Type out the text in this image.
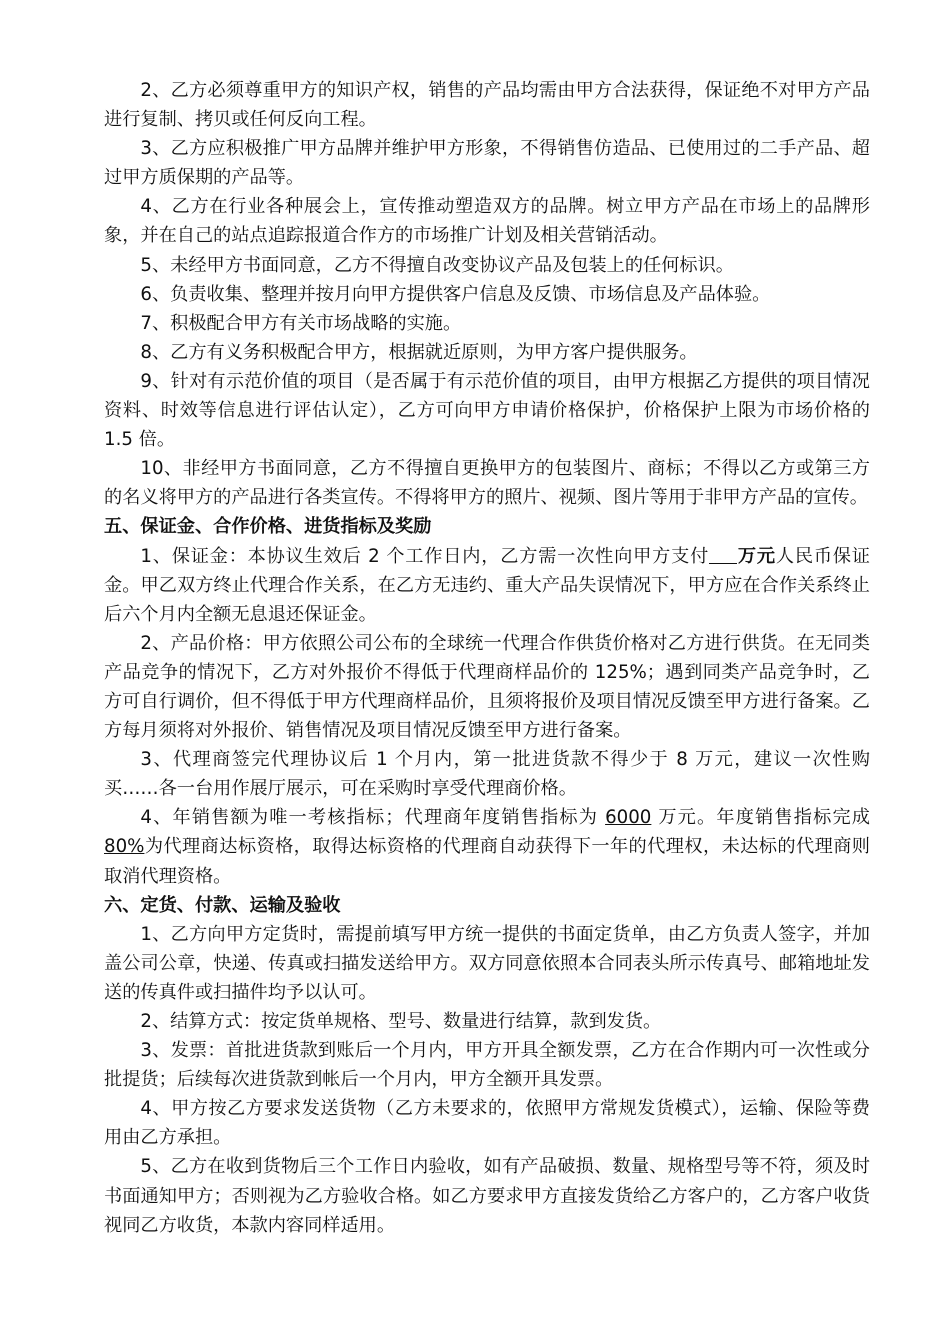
2、乙方必须尊重甲方的知识产权，销售的产品均需由甲方合法获得，保证绝不对甲方产品进行复制、拷贝或任何反向工程。

3、乙方应积极推广甲方品牌并维护甲方形象，不得销售仿造品、已使用过的二手产品、超过甲方质保期的产品等。

4、乙方在行业各种展会上，宣传推动塑造双方的品牌。树立甲方产品在市场上的品牌形象，并在自己的站点追踪报道合作方的市场推广计划及相关营销活动。

5、未经甲方书面同意，乙方不得擅自改变协议产品及包装上的任何标识。

6、负责收集、整理并按月向甲方提供客户信息及反馈、市场信息及产品体验。

7、积极配合甲方有关市场战略的实施。

8、乙方有义务积极配合甲方，根据就近原则，为甲方客户提供服务。

9、针对有示范价值的项目（是否属于有示范价值的项目，由甲方根据乙方提供的项目情况资料、时效等信息进行评估认定），乙方可向甲方申请价格保护，价格保护上限为市场价格的 1.5 倍。

10、非经甲方书面同意，乙方不得擅自更换甲方的包装图片、商标；不得以乙方或第三方的名义将甲方的产品进行各类宣传。不得将甲方的照片、视频、图片等用于非甲方产品的宣传。

五、保证金、合作价格、进货指标及奖励

1、保证金：本协议生效后 2 个工作日内，乙方需一次性向甲方支付 万元人民币保证金。甲乙双方终止代理合作关系，在乙方无违约、重大产品失误情况下，甲方应在合作关系终止后六个月内全额无息退还保证金。

2、产品价格：甲方依照公司公布的全球统一代理合作供货价格对乙方进行供货。在无同类产品竞争的情况下，乙方对外报价不得低于代理商样品价的 125%；遇到同类产品竞争时，乙方可自行调价，但不得低于甲方代理商样品价，且须将报价及项目情况反馈至甲方进行备案。乙方每月须将对外报价、销售情况及项目情况反馈至甲方进行备案。

3、代理商签完代理协议后 1 个月内，第一批进货款不得少于 8 万元，建议一次性购买……各一台用作展厅展示，可在采购时享受代理商价格。

4、年销售额为唯一考核指标；代理商年度销售指标为 6000 万元。年度销售指标完成 80%为代理商达标资格，取得达标资格的代理商自动获得下一年的代理权，未达标的代理商则取消代理资格。

六、定货、付款、运输及验收

1、乙方向甲方定货时，需提前填写甲方统一提供的书面定货单，由乙方负责人签字，并加盖公司公章，快递、传真或扫描发送给甲方。双方同意依照本合同表头所示传真号、邮箱地址发送的传真件或扫描件均予以认可。

2、结算方式：按定货单规格、型号、数量进行结算，款到发货。

3、发票：首批进货款到账后一个月内，甲方开具全额发票，乙方在合作期内可一次性或分批提货；后续每次进货款到帐后一个月内，甲方全额开具发票。

4、甲方按乙方要求发送货物（乙方未要求的，依照甲方常规发货模式），运输、保险等费用由乙方承担。

5、乙方在收到货物后三个工作日内验收，如有产品破损、数量、规格型号等不符，须及时书面通知甲方；否则视为乙方验收合格。如乙方要求甲方直接发货给乙方客户的，乙方客户收货视同乙方收货，本款内容同样适用。
